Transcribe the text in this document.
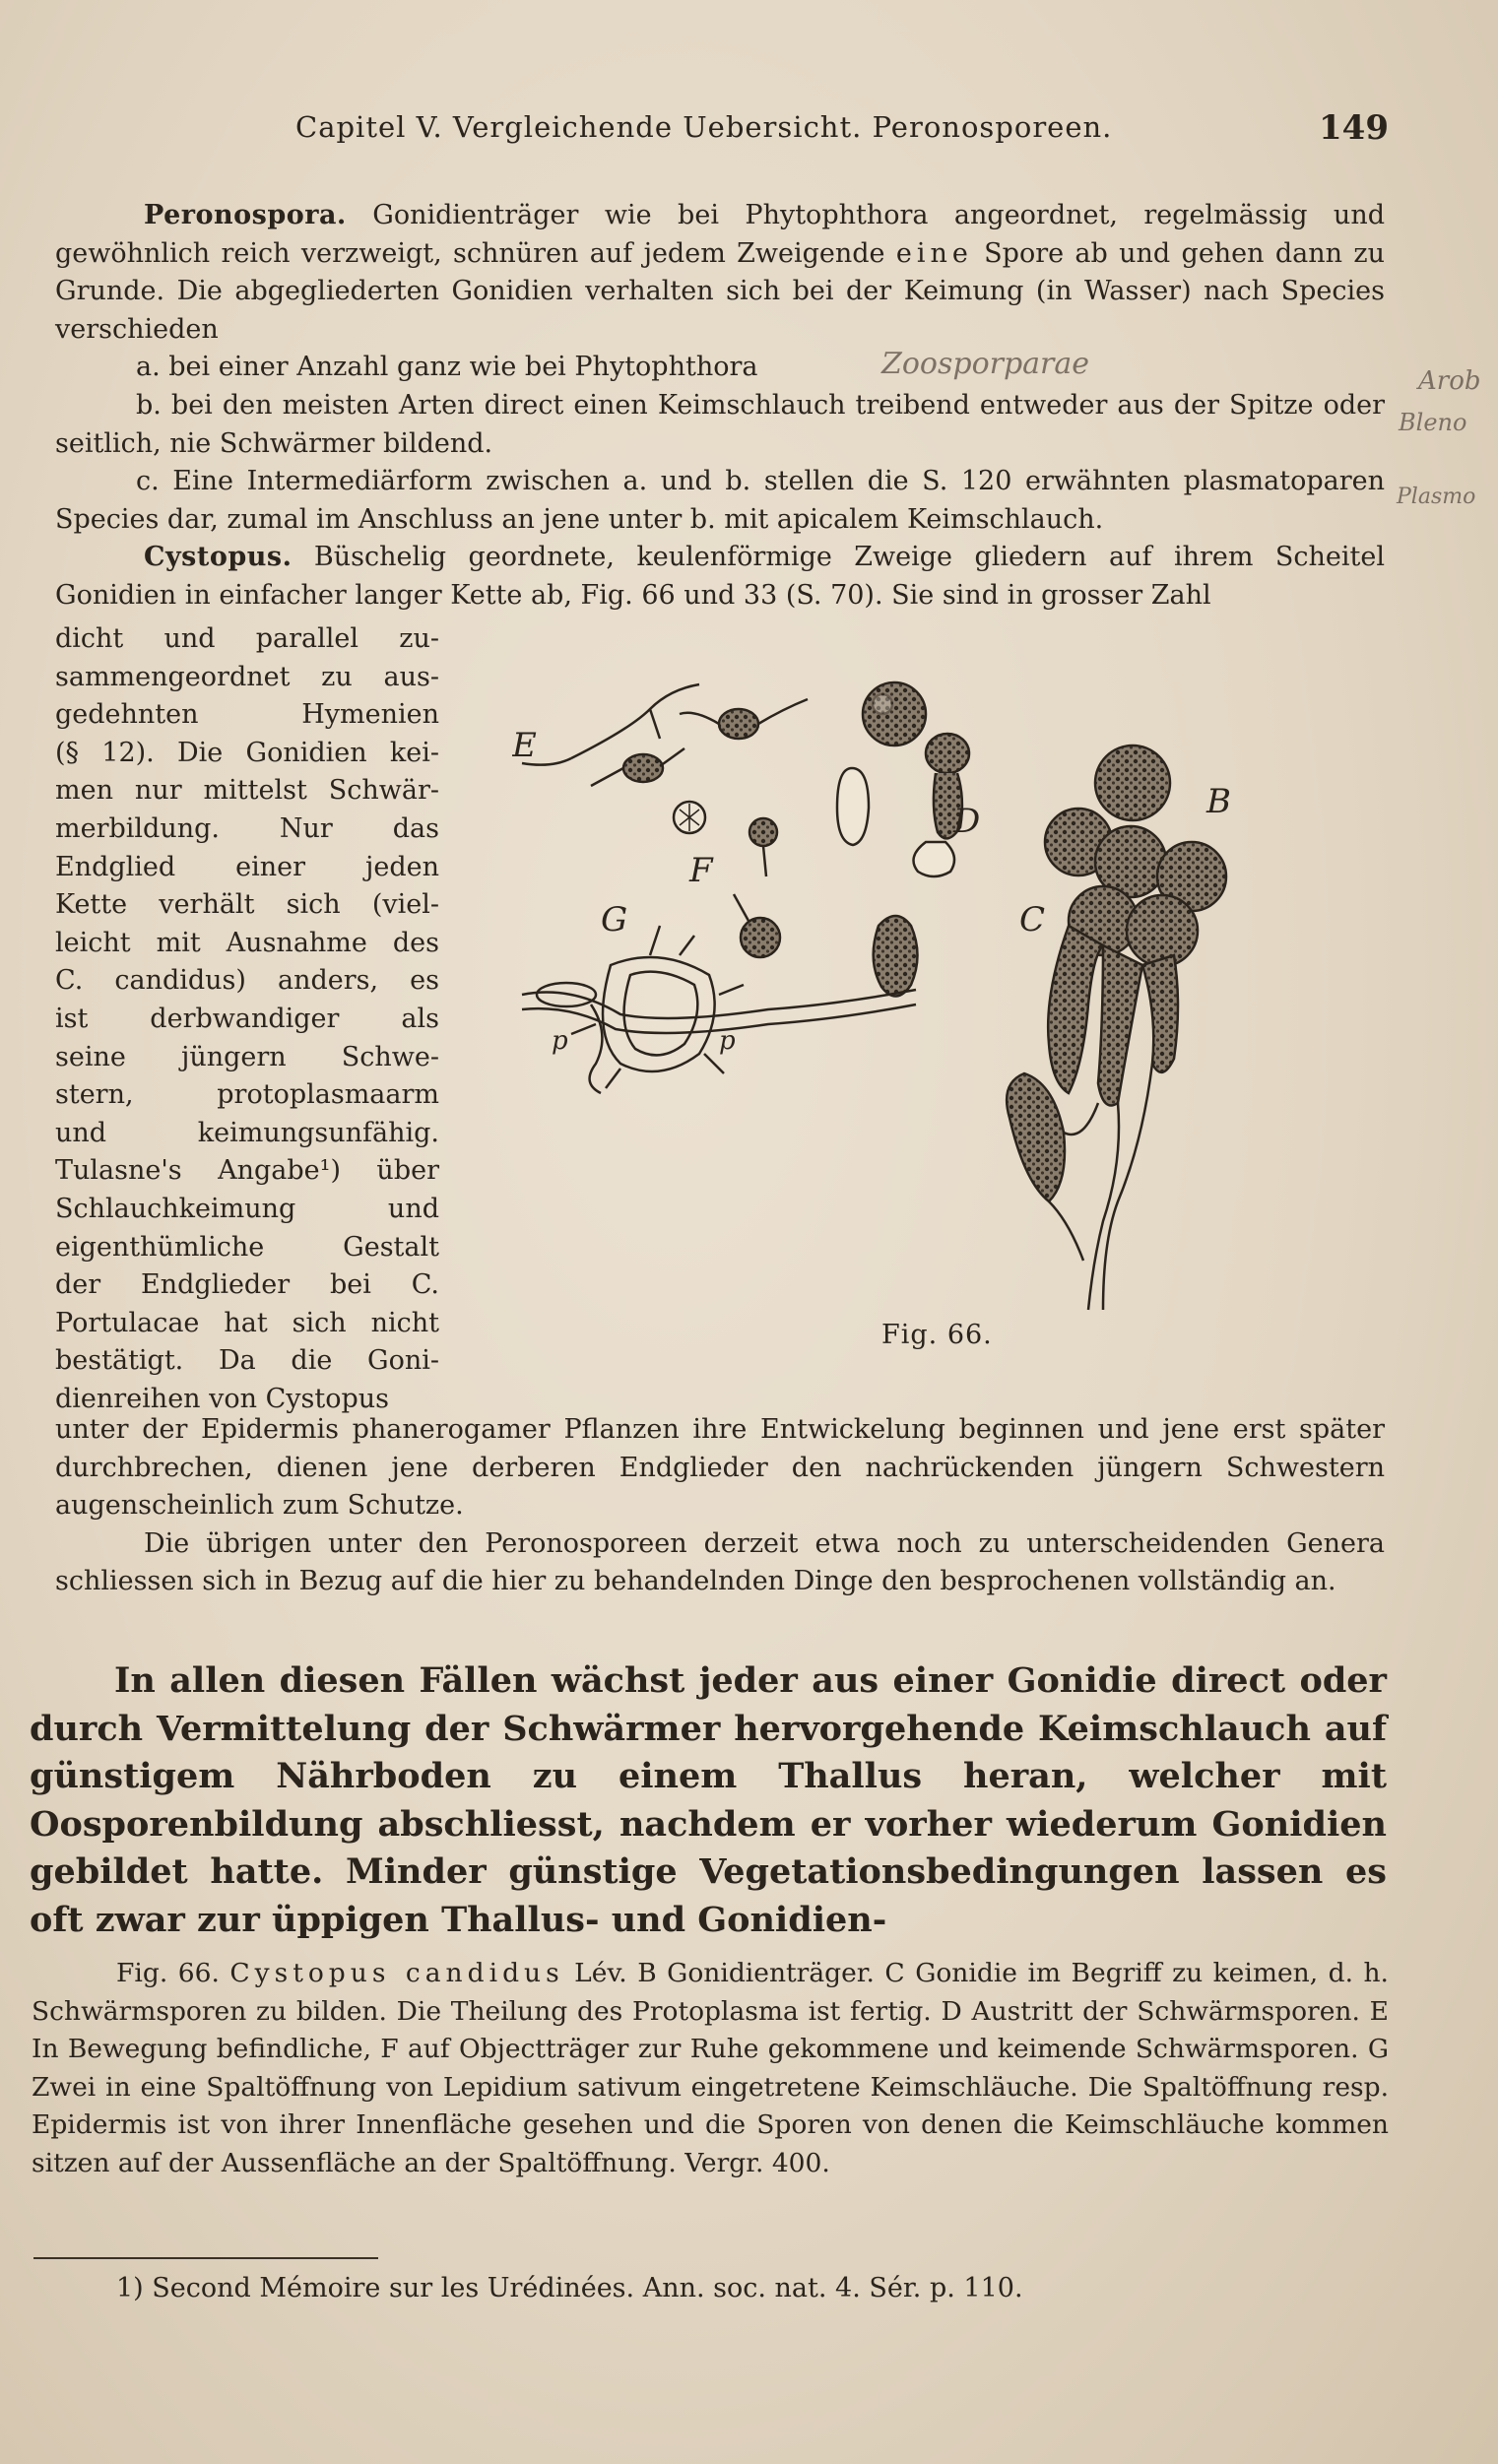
Capitel V. Vergleichende Uebersicht. Peronosporeen.	149

Peronospora. Gonidienträger wie bei Phytophthora angeordnet, regelmässig und gewöhnlich reich verzweigt, schnüren auf jedem Zweigende eine Spore ab und gehen dann zu Grunde. Die abgegliederten Gonidien verhalten sich bei der Keimung (in Wasser) nach Species verschieden

a. bei einer Anzahl ganz wie bei Phytophthora

b. bei den meisten Arten direct einen Keimschlauch treibend entweder aus der Spitze oder seitlich, nie Schwärmer bildend.

c. Eine Intermediärform zwischen a. und b. stellen die S. 120 erwähnten plasmatoparen Species dar, zumal im Anschluss an jene unter b. mit apicalem Keimschlauch.

Cystopus. Büschelig geordnete, keulenförmige Zweige gliedern auf ihrem Scheitel Gonidien in einfacher langer Kette ab, Fig. 66 und 33 (S. 70). Sie sind in grosser Zahl

dicht und parallel zu-
sammengeordnet zu aus-
gedehnten Hymenien
(§ 12). Die Gonidien kei-
men nur mittelst Schwär-
merbildung. Nur das
Endglied einer jeden
Kette verhält sich (viel-
leicht mit Ausnahme des
C. candidus) anders, es
ist derbwandiger als
seine jüngern Schwe-
stern, protoplasmaarm
und keimungsunfähig.
Tulasne's Angabe¹) über
Schlauchkeimung und
eigenthümliche Gestalt
der Endglieder bei C.
Portulacae hat sich nicht
bestätigt. Da die Goni-
dienreihen von Cystopus
E
D	B
F
G	C
p	p
Fig. 66.

unter der Epidermis phanerogamer Pflanzen ihre Entwickelung beginnen und jene erst später durchbrechen, dienen jene derberen Endglieder den nachrückenden jüngern Schwestern augenscheinlich zum Schutze.

Die übrigen unter den Peronosporeen derzeit etwa noch zu unterscheidenden Genera schliessen sich in Bezug auf die hier zu behandelnden Dinge den besprochenen vollständig an.

In allen diesen Fällen wächst jeder aus einer Gonidie direct oder durch Vermittelung der Schwärmer hervorgehende Keimschlauch auf günstigem Nährboden zu einem Thallus heran, welcher mit Oosporenbildung abschliesst, nachdem er vorher wiederum Gonidien gebildet hatte. Minder günstige Vegetationsbedingungen lassen es oft zwar zur üppigen Thallus- und Gonidien-

Fig. 66. Cystopus candidus Lév. B Gonidienträger. C Gonidie im Begriff zu keimen, d. h. Schwärmsporen zu bilden. Die Theilung des Protoplasma ist fertig. D Austritt der Schwärmsporen. E In Bewegung befindliche, F auf Objectträger zur Ruhe gekommene und keimende Schwärmsporen. G Zwei in eine Spaltöffnung von Lepidium sativum eingetretene Keimschläuche. Die Spaltöffnung resp. Epidermis ist von ihrer Innenfläche gesehen und die Sporen von denen die Keimschläuche kommen sitzen auf der Aussenfläche an der Spaltöffnung. Vergr. 400.
1) Second Mémoire sur les Urédinées. Ann. soc. nat. 4. Sér. p. 110.
Zoosporparae	Arob
Bleno
Plasmo
